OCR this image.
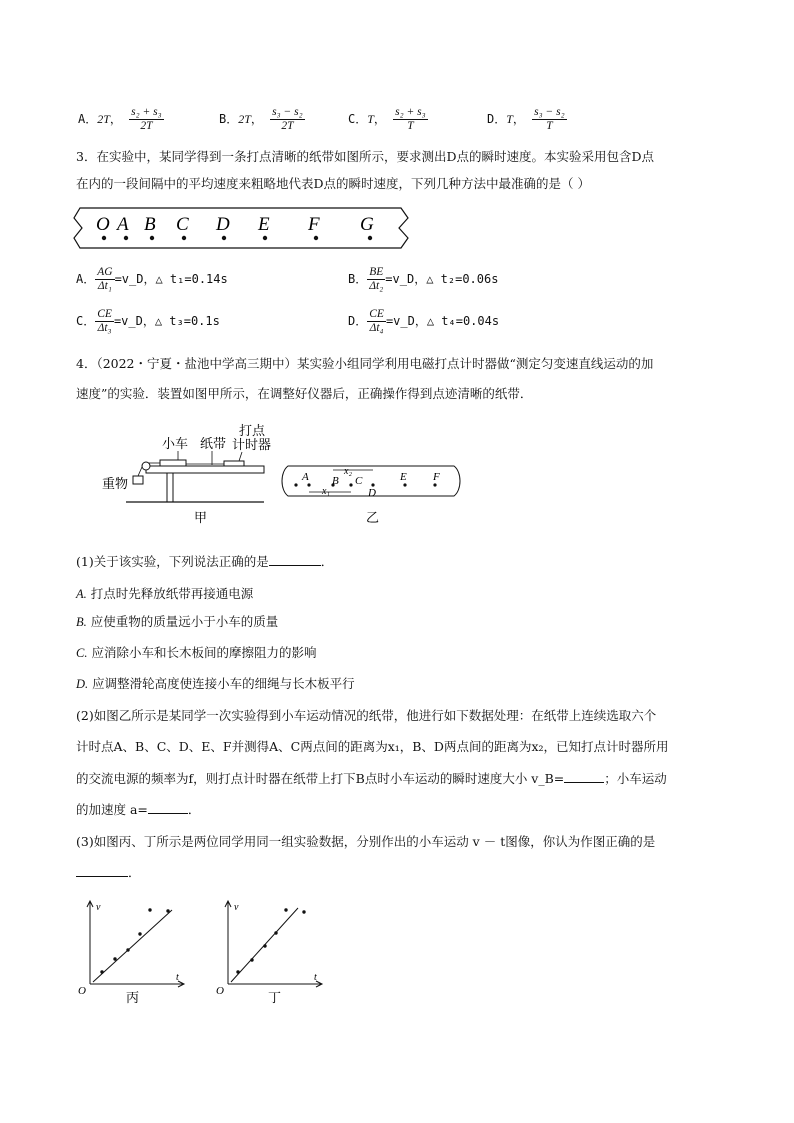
A．2T， $\frac{\text{s₂ + s₃}}{2T}$	B．2T， $\frac{\text{s₃ − s₂}}{2T}$	C．T， $\frac{\text{s₂ + s₃}}{T}$	D．T， $\frac{\text{s₃ − s₂}}{T}$
3．在实验中，某同学得到一条打点清晰的纸带如图所示，要求测出D点的瞬时速度。本实验采用包含D点
在内的一段间隔中的平均速度来粗略地代表D点的瞬时速度，下列几种方法中最准确的是（ ）
O A B C D E F G
A． $\frac{AG}{\text{Δt₁}}$ =v_D，△ t₁=0.14s	B． $\frac{BE}{\text{Δt₂}}$ =v_D，△ t₂=0.06s
C． $\frac{CE}{\text{Δt₃}}$ =v_D，△ t₃=0.1s	D． $\frac{CE}{\text{Δt₄}}$ =v_D，△ t₄=0.04s
4．（2022・宁夏・盐池中学高三期中）某实验小组同学利用电磁打点计时器做“测定匀变速直线运动的加
速度”的实验．装置如图甲所示，在调整好仪器后，正确操作得到点迹清晰的纸带．
小车 纸带
打点
计时器
重物
甲
A B C
D
E F
x₂
x₁
乙
(1)关于该实验，下列说法正确的是	．
A. 打点时先释放纸带再接通电源
B. 应使重物的质量远小于小车的质量
C. 应消除小车和长木板间的摩擦阻力的影响
D. 应调整滑轮高度使连接小车的细绳与长木板平行
(2)如图乙所示是某同学一次实验得到小车运动情况的纸带，他进行如下数据处理：在纸带上连续选取六个
计时点A、B、C、D、E、F并测得A、C两点间的距离为x₁，B、D两点间的距离为x₂，已知打点计时器所用
的交流电源的频率为f，则打点计时器在纸带上打下B点时小车运动的瞬时速度大小 v_B=	；小车运动
的加速度 a=	．
(3)如图丙、丁所示是两位同学用同一组实验数据，分别作出的小车运动 v － t图像，你认为作图正确的是
．
v
t
O	丙
v
t
O	丁
